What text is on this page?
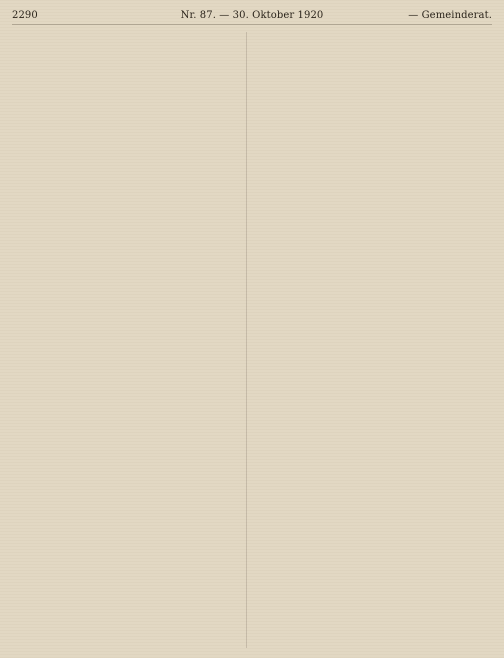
2290	Nr. 87. — 30. Oktober 1920	— Gemeinderat.
